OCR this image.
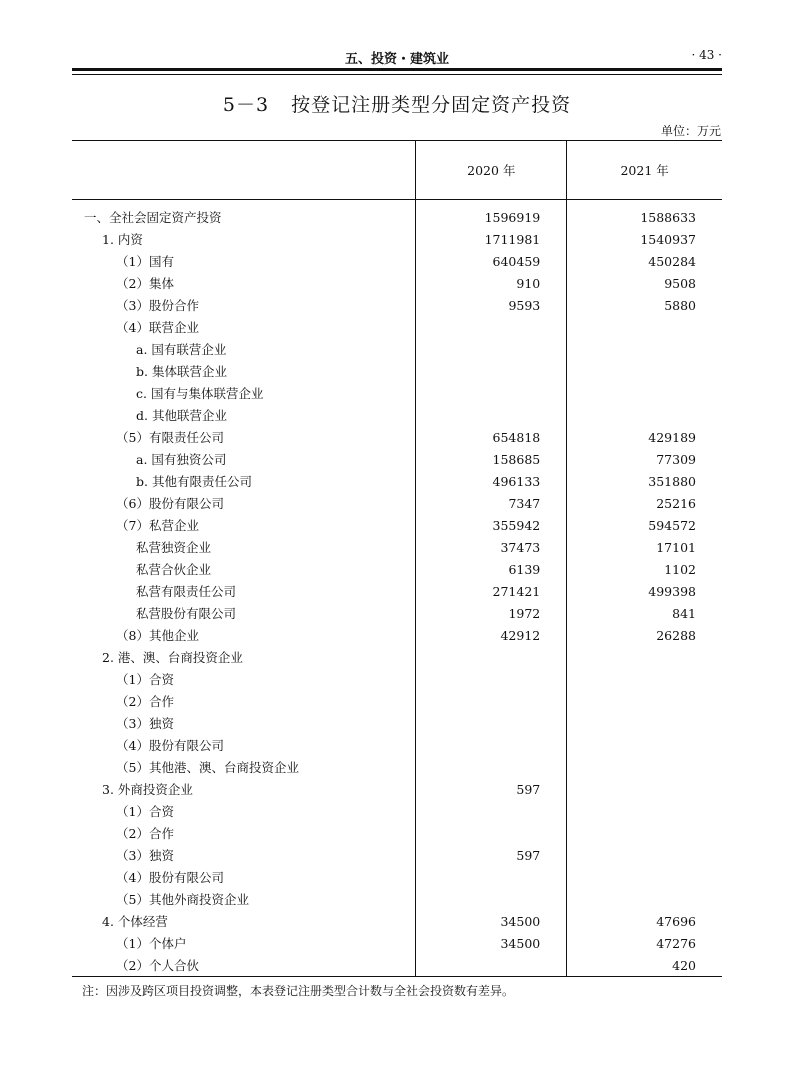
五、投资・建筑业	· 43 ·
5－3 按登记注册类型分固定资产投资
单位：万元
	2020 年	2021 年
一、全社会固定资产投资	1596919	1588633
1. 内资	1711981	1540937
（1）国有	640459	450284
（2）集体	910	9508
（3）股份合作	9593	5880
（4）联营企业		
a. 国有联营企业		
b. 集体联营企业		
c. 国有与集体联营企业		
d. 其他联营企业		
（5）有限责任公司	654818	429189
a. 国有独资公司	158685	77309
b. 其他有限责任公司	496133	351880
（6）股份有限公司	7347	25216
（7）私营企业	355942	594572
私营独资企业	37473	17101
私营合伙企业	6139	1102
私营有限责任公司	271421	499398
私营股份有限公司	1972	841
（8）其他企业	42912	26288
2. 港、澳、台商投资企业		
（1）合资		
（2）合作		
（3）独资		
（4）股份有限公司		
（5）其他港、澳、台商投资企业		
3. 外商投资企业	597	
（1）合资		
（2）合作		
（3）独资	597	
（4）股份有限公司		
（5）其他外商投资企业		
4. 个体经营	34500	47696
（1）个体户	34500	47276
（2）个人合伙		420
注：因涉及跨区项目投资调整，本表登记注册类型合计数与全社会投资数有差异。
